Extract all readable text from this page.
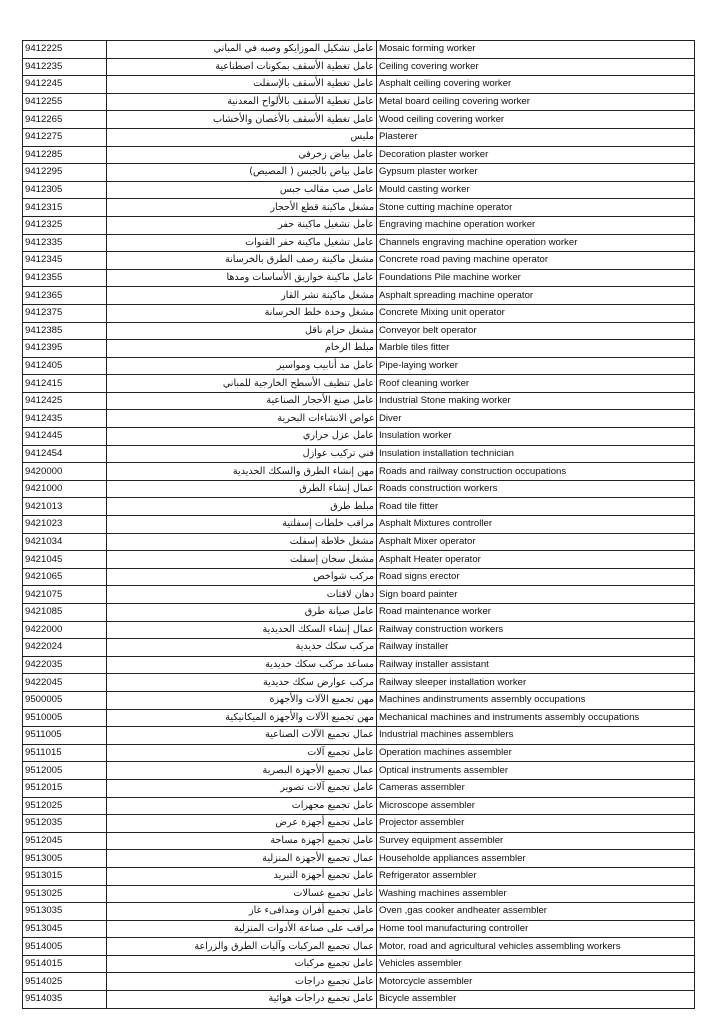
9412225	عامل تشكيل الموزايكو وصبه في المباني	Mosaic forming worker
9412235	عامل تغطية الأسقف بمكونات اصطناعية	Ceiling covering worker
9412245	عامل تغطية الأسقف بالإسفلت	Asphalt ceiling covering worker
9412255	عامل تغطية الأسقف بالألواح المعدنية	Metal board ceiling covering worker
9412265	عامل تغطية الأسقف بالأغصان والأخشاب	Wood ceiling covering worker
9412275	مليس	Plasterer
9412285	عامل بياض زخرفي	Decoration plaster worker
9412295	عامل بياض بالجبس ( المصيص)	Gypsum plaster worker
9412305	عامل صب مقالب جبس	Mould casting worker
9412315	مشغل ماكينة قطع الأحجار	Stone cutting machine operator
9412325	عامل تشغيل ماكينة حفر	Engraving machine operation worker
9412335	عامل تشغيل ماكينة حفر القنوات	Channels engraving machine operation worker
9412345	مشغل ماكينة رصف الطرق بالخرسانة	Concrete road paving machine operator
9412355	عامل ماكينة خوازيق الأساسات ومدها	Foundations Pile machine worker
9412365	مشغل ماكينة نشر القار	Asphalt spreading machine operator
9412375	مشغل وحدة خلط الخرسانة	Concrete Mixing unit operator
9412385	مشغل حزام ناقل	Conveyor belt operator
9412395	مبلط الرخام	Marble tiles fitter
9412405	عامل مد أنابيب ومواسير	Pipe-laying worker
9412415	عامل تنظيف الأسطح الخارجية للمباني	Roof cleaning worker
9412425	عامل صنع الأحجار الصناعية	Industrial Stone making worker
9412435	غواص الانشاءات البحرية	Diver
9412445	عامل عزل حراري	Insulation worker
9412454	فني تركيب عوازل	Insulation installation technician
9420000	مهن إنشاء الطرق والسكك الحديدية	Roads and railway construction occupations
9421000	عمال إنشاء الطرق	Roads construction workers
9421013	مبلط طرق	Road tile fitter
9421023	مراقب خلطات إسفلتية	Asphalt Mixtures controller
9421034	مشغل خلاطة إسفلت	Asphalt Mixer operator
9421045	مشغل سخان إسفلت	Asphalt Heater operator
9421065	مركب شواخص	Road signs erector
9421075	دهان لافتات	Sign board painter
9421085	عامل صيانة طرق	Road maintenance worker
9422000	عمال إنشاء السكك الحديدية	Railway construction workers
9422024	مركب سكك حديدية	Railway installer
9422035	مساعد مركب سكك حديدية	Railway installer assistant
9422045	مركب عوارض سكك حديدية	Railway sleeper installation worker
9500005	مهن تجميع الآلات والأجهزة	Machines andinstruments assembly occupations
9510005	مهن تجميع الآلات والأجهزة الميكانيكية	Mechanical machines and instruments assembly occupations
9511005	عمال تجميع الآلات الصناعية	Industrial machines assemblers
9511015	عامل تجميع آلات	Operation machines assembler
9512005	عمال تجميع الأجهزة البصرية	Optical instruments assembler
9512015	عامل تجميع آلات تصوير	Cameras assembler
9512025	عامل تجميع مجهرات	Microscope assembler
9512035	عامل تجميع أجهزة عرض	Projector assembler
9512045	عامل تجميع أجهزة مساحة	Survey equipment assembler
9513005	عمال تجميع الأجهزة المنزلية	Householde appliances assembler
9513015	عامل تجميع أجهزة التبريد	Refrigerator assembler
9513025	عامل تجميع غسالات	Washing machines assembler
9513035	عامل تجميع أفران ومدافىء غاز	Oven ,gas cooker andheater assembler
9513045	مراقب على صناعة الأدوات المنزلية	Home tool manufacturing controller
9514005	عمال تجميع المركبات وآليات الطرق والزراعة	Motor, road and agricultural vehicles assembling workers
9514015	عامل تجميع مركبات	Vehicles assembler
9514025	عامل تجميع دراجات	Motorcycle assembler
9514035	عامل تجميع دراجات هوائية	Bicycle assembler
